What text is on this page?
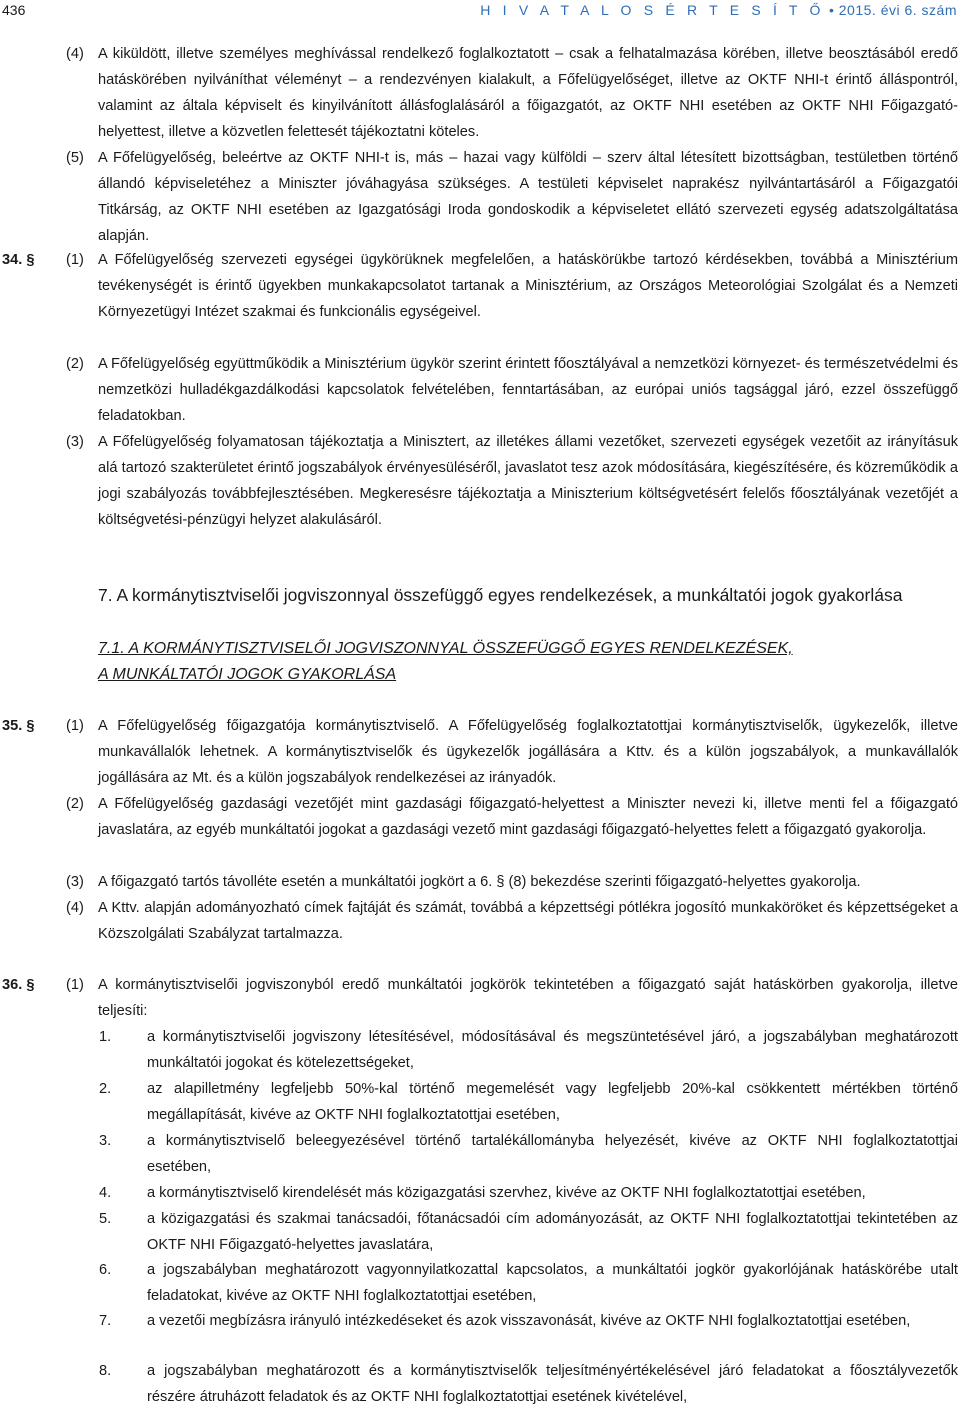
436	H I V A T A L O S É R T E S Í T Ő • 2015. évi 6. szám
(4) A kiküldött, illetve személyes meghívással rendelkező foglalkoztatott – csak a felhatalmazása körében, illetve beosztásából eredő hatáskörében nyilváníthat véleményt – a rendezvényen kialakult, a Főfelügyelőséget, illetve az OKTF NHI-t érintő álláspontról, valamint az általa képviselt és kinyilvánított állásfoglalásáról a főigazgatót, az OKTF NHI esetében az OKTF NHI Főigazgató-helyettest, illetve a közvetlen felettesét tájékoztatni köteles.
(5) A Főfelügyelőség, beleértve az OKTF NHI-t is, más – hazai vagy külföldi – szerv által létesített bizottságban, testületben történő állandó képviseletéhez a Miniszter jóváhagyása szükséges. A testületi képviselet naprakész nyilvántartásáról a Főigazgatói Titkárság, az OKTF NHI esetében az Igazgatósági Iroda gondoskodik a képviseletet ellátó szervezeti egység adatszolgáltatása alapján.
34. § (1) A Főfelügyelőség szervezeti egységei ügykörüknek megfelelően, a hatáskörükbe tartozó kérdésekben, továbbá a Minisztérium tevékenységét is érintő ügyekben munkakapcsolatot tartanak a Minisztérium, az Országos Meteorológiai Szolgálat és a Nemzeti Környezetügyi Intézet szakmai és funkcionális egységeivel.
(2) A Főfelügyelőség együttműködik a Minisztérium ügykör szerint érintett főosztályával a nemzetközi környezet- és természetvédelmi és nemzetközi hulladékgazdálkodási kapcsolatok felvételében, fenntartásában, az európai uniós tagsággal járó, ezzel összefüggő feladatokban.
(3) A Főfelügyelőség folyamatosan tájékoztatja a Minisztert, az illetékes állami vezetőket, szervezeti egységek vezetőit az irányításuk alá tartozó szakterületet érintő jogszabályok érvényesüléséről, javaslatot tesz azok módosítására, kiegészítésére, és közreműködik a jogi szabályozás továbbfejlesztésében. Megkeresésre tájékoztatja a Miniszterium költségvetésért felelős főosztályának vezetőjét a költségvetési-pénzügyi helyzet alakulásáról.
7. A kormánytisztviselői jogviszonnyal összefüggő egyes rendelkezések, a munkáltatói jogok gyakorlása
7.1. A KORMÁNYTISZTVISELŐI JOGVISZONNYAL ÖSSZEFÜGGŐ EGYES RENDELKEZÉSEK,
A MUNKÁLTATÓI JOGOK GYAKORLÁSA
35. § (1) A Főfelügyelőség főigazgatója kormánytisztviselő. A Főfelügyelőség foglalkoztatottjai kormánytisztviselők, ügykezelők, illetve munkavállalók lehetnek. A kormánytisztviselők és ügykezelők jogállására a Kttv. és a külön jogszabályok, a munkavállalók jogállására az Mt. és a külön jogszabályok rendelkezései az irányadók.
(2) A Főfelügyelőség gazdasági vezetőjét mint gazdasági főigazgató-helyettest a Miniszter nevezi ki, illetve menti fel a főigazgató javaslatára, az egyéb munkáltatói jogokat a gazdasági vezető mint gazdasági főigazgató-helyettes felett a főigazgató gyakorolja.
(3) A főigazgató tartós távolléte esetén a munkáltatói jogkört a 6. § (8) bekezdése szerinti főigazgató-helyettes gyakorolja.
(4) A Kttv. alapján adományozható címek fajtáját és számát, továbbá a képzettségi pótlékra jogosító munkaköröket és képzettségeket a Közszolgálati Szabályzat tartalmazza.
36. § (1) A kormánytisztviselői jogviszonyból eredő munkáltatói jogkörök tekintetében a főigazgató saját hatáskörben gyakorolja, illetve teljesíti:
1. a kormánytisztviselői jogviszony létesítésével, módosításával és megszüntetésével járó, a jogszabályban meghatározott munkáltatói jogokat és kötelezettségeket,
2. az alapilletmény legfeljebb 50%-kal történő megemelését vagy legfeljebb 20%-kal csökkentett mértékben történő megállapítását, kivéve az OKTF NHI foglalkoztatottjai esetében,
3. a kormánytisztviselő beleegyezésével történő tartalékállományba helyezését, kivéve az OKTF NHI foglalkoztatottjai esetében,
4. a kormánytisztviselő kirendelését más közigazgatási szervhez, kivéve az OKTF NHI foglalkoztatottjai esetében,
5. a közigazgatási és szakmai tanácsadói, főtanácsadói cím adományozását, az OKTF NHI foglalkoztatottjai tekintetében az OKTF NHI Főigazgató-helyettes javaslatára,
6. a jogszabályban meghatározott vagyonnyilatkozattal kapcsolatos, a munkáltatói jogkör gyakorlójának hatáskörébe utalt feladatokat, kivéve az OKTF NHI foglalkoztatottjai esetében,
7. a vezetői megbízásra irányuló intézkedéseket és azok visszavonását, kivéve az OKTF NHI foglalkoztatottjai esetében,
8. a jogszabályban meghatározott és a kormánytisztviselők teljesítményértékelésével járó feladatokat a főosztályvezetők részére átruházott feladatok és az OKTF NHI foglalkoztatottjai esetének kivételével,
